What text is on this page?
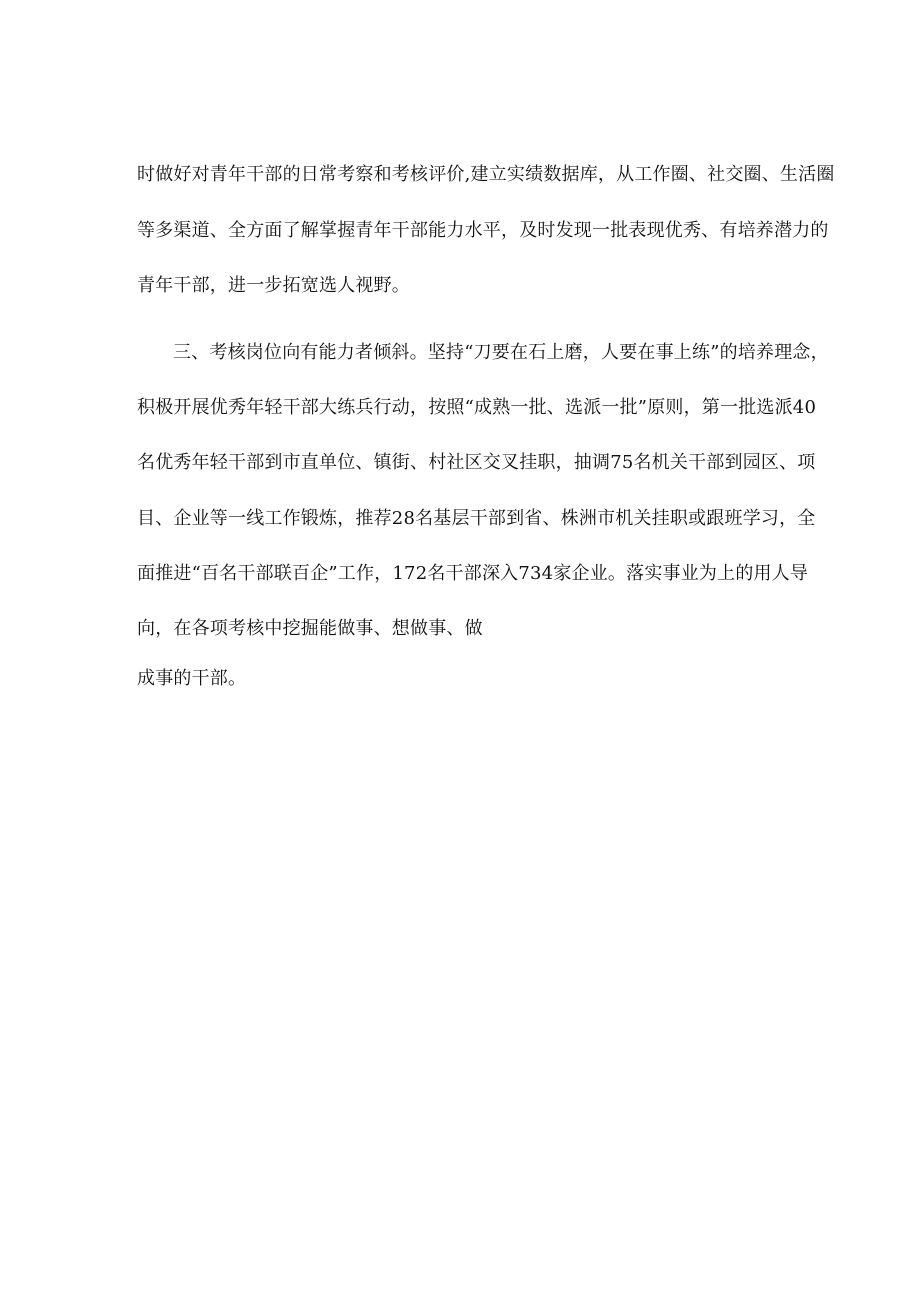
时做好对青年干部的日常考察和考核评价,建立实绩数据库，从工作圈、社交圈、生活圈
等多渠道、全方面了解掌握青年干部能力水平，及时发现一批表现优秀、有培养潜力的
青年干部，进一步拓宽选人视野。
三、考核岗位向有能力者倾斜。坚持“刀要在石上磨，人要在事上练”的培养理念，
积极开展优秀年轻干部大练兵行动，按照“成熟一批、选派一批”原则，第一批选派40
名优秀年轻干部到市直单位、镇街、村社区交叉挂职，抽调75名机关干部到园区、项
目、企业等一线工作锻炼，推荐28名基层干部到省、株洲市机关挂职或跟班学习，全
面推进“百名干部联百企”工作，172名干部深入734家企业。落实事业为上的用人导
向，在各项考核中挖掘能做事、想做事、做
成事的干部。
